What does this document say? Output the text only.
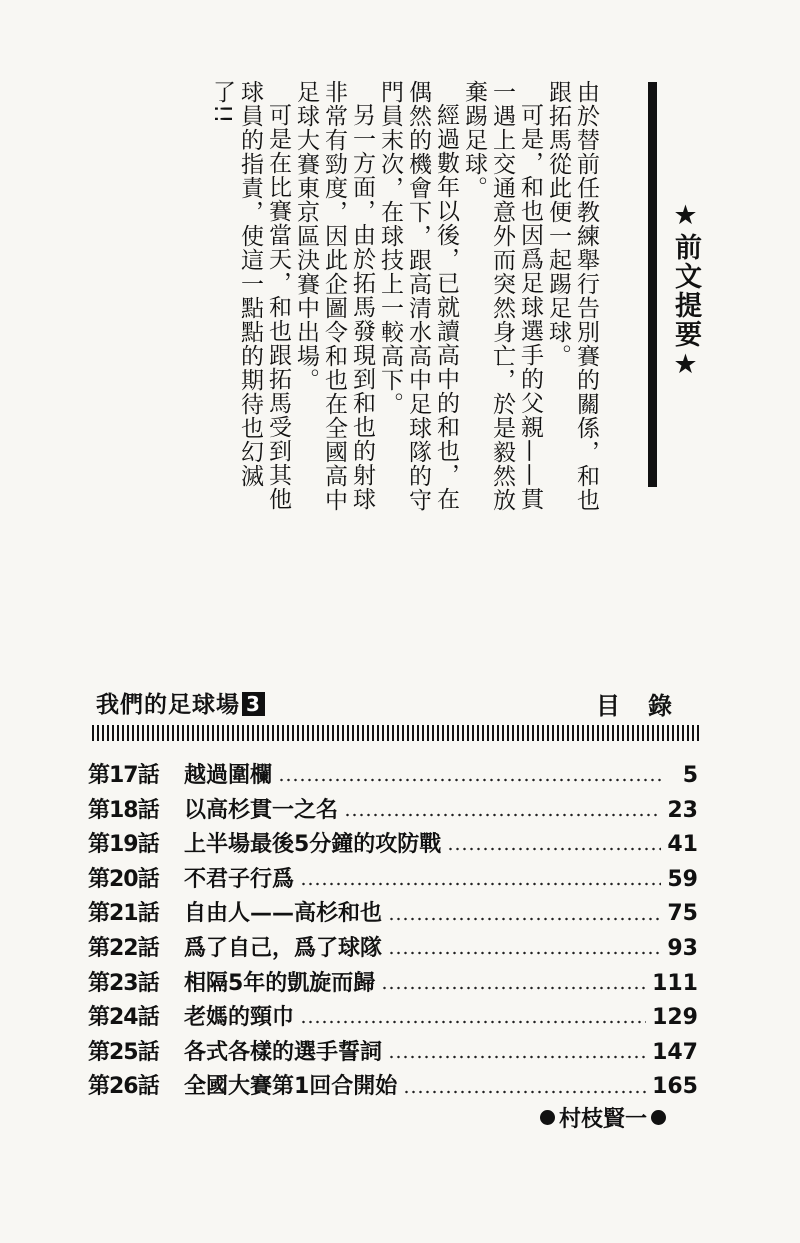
★前文提要★

由於替前任教練舉行告別賽的關係，和也跟拓馬從此便一起踢足球。

可是，和也因爲足球選手的父親——貫一遇上交通意外而突然身亡，於是毅然放棄踢足球。

經過數年以後，已就讀高中的和也，在偶然的機會下，跟高清水高中足球隊的守門員末次，在球技上一較高下。

另一方面，由於拓馬發現到和也的射球非常有勁度，因此企圖令和也在全國高中足球大賽東京區決賽中出場。

可是在比賽當天，和也跟拓馬受到其他球員的指責，使這一點點的期待也幻滅了!!

我們的足球場 3	目錄
第17話	越過圍欄	5
第18話	以高杉貫一之名	23
第19話	上半場最後5分鐘的攻防戰	41
第20話	不君子行爲	59
第21話	自由人——高杉和也	75
第22話	爲了自己，爲了球隊	93
第23話	相隔5年的凱旋而歸	111
第24話	老媽的頸巾	129
第25話	各式各樣的選手誓詞	147
第26話	全國大賽第1回合開始	165
村枝賢一
